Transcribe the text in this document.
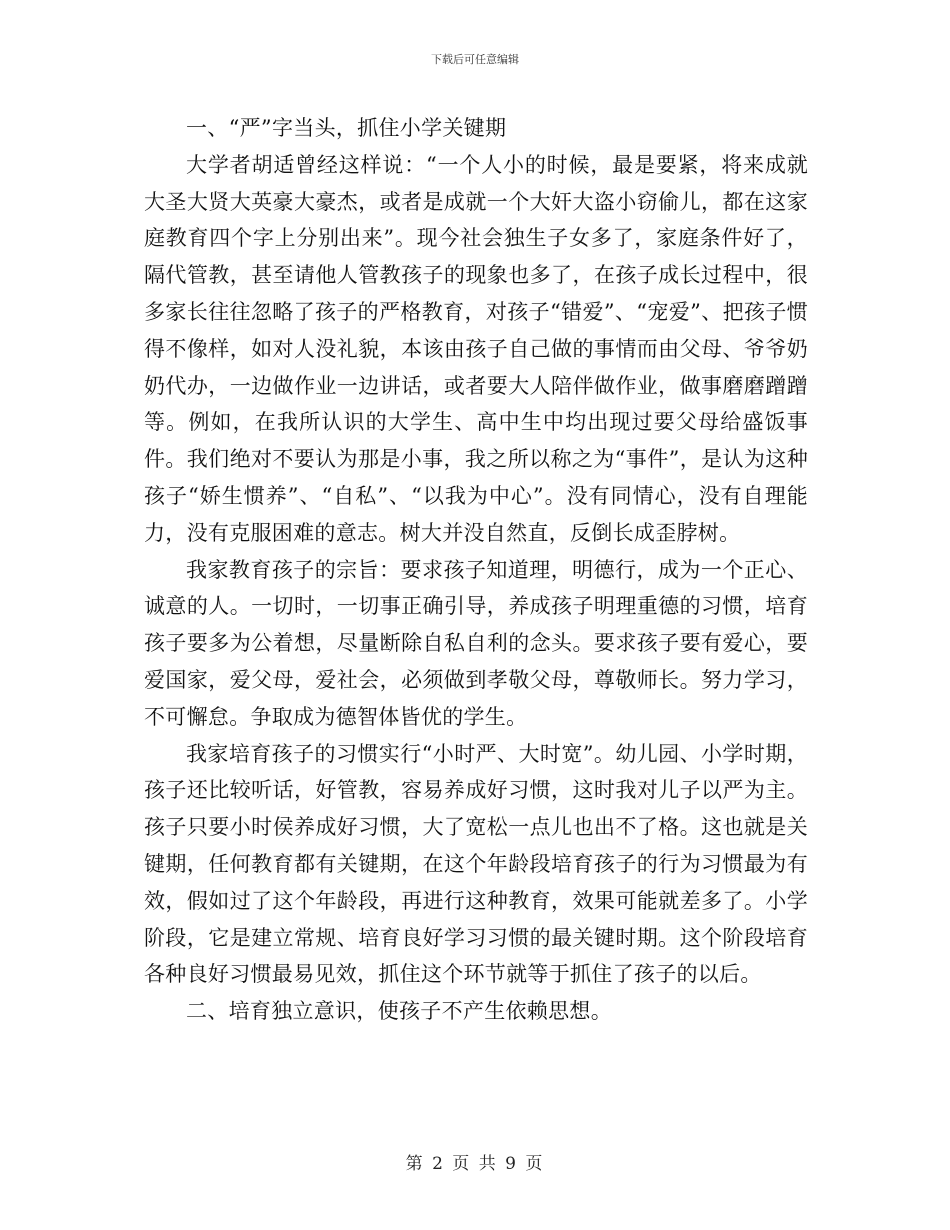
下载后可任意编辑

一、“严”字当头，抓住小学关键期

大学者胡适曾经这样说：“一个人小的时候，最是要紧，将来成就大圣大贤大英豪大豪杰，或者是成就一个大奸大盗小窃偷儿，都在这家庭教育四个字上分别出来”。现今社会独生子女多了，家庭条件好了，隔代管教，甚至请他人管教孩子的现象也多了，在孩子成长过程中，很多家长往往忽略了孩子的严格教育，对孩子“错爱”、“宠爱”、把孩子惯得不像样，如对人没礼貌，本该由孩子自己做的事情而由父母、爷爷奶奶代办，一边做作业一边讲话，或者要大人陪伴做作业，做事磨磨蹭蹭等。例如，在我所认识的大学生、高中生中均出现过要父母给盛饭事件。我们绝对不要认为那是小事，我之所以称之为“事件”，是认为这种孩子“娇生惯养”、“自私”、“以我为中心”。没有同情心，没有自理能力，没有克服困难的意志。树大并没自然直，反倒长成歪脖树。

我家教育孩子的宗旨：要求孩子知道理，明德行，成为一个正心、诚意的人。一切时，一切事正确引导，养成孩子明理重德的习惯，培育孩子要多为公着想，尽量断除自私自利的念头。要求孩子要有爱心，要爱国家，爱父母，爱社会，必须做到孝敬父母，尊敬师长。努力学习，不可懈怠。争取成为德智体皆优的学生。

我家培育孩子的习惯实行“小时严、大时宽”。幼儿园、小学时期，孩子还比较听话，好管教，容易养成好习惯，这时我对儿子以严为主。孩子只要小时侯养成好习惯，大了宽松一点儿也出不了格。这也就是关键期，任何教育都有关键期，在这个年龄段培育孩子的行为习惯最为有效，假如过了这个年龄段，再进行这种教育，效果可能就差多了。小学阶段，它是建立常规、培育良好学习习惯的最关键时期。这个阶段培育各种良好习惯最易见效，抓住这个环节就等于抓住了孩子的以后。

二、培育独立意识，使孩子不产生依赖思想。

第 2 页 共 9 页
